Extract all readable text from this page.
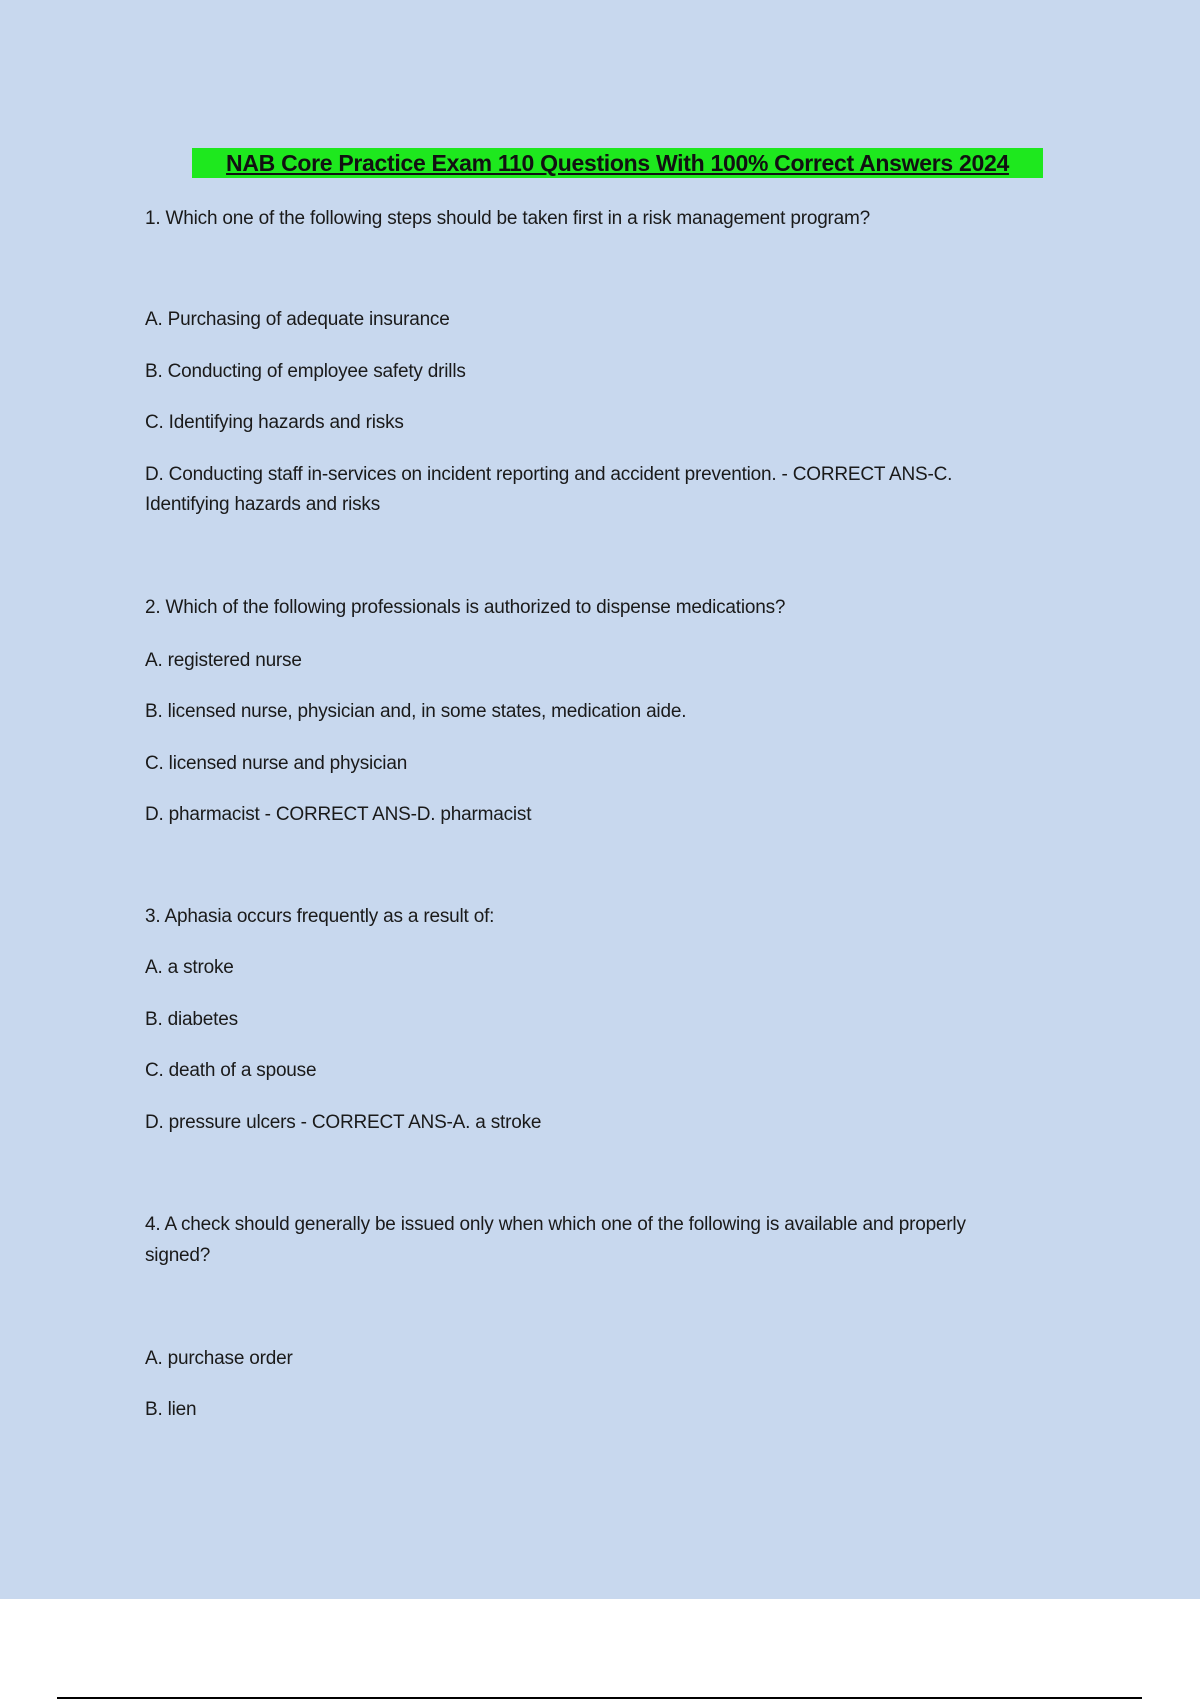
NAB Core Practice Exam 110 Questions With 100% Correct Answers 2024
1. Which one of the following steps should be taken first in a risk management program?
A. Purchasing of adequate insurance
B. Conducting of employee safety drills
C. Identifying hazards and risks
D. Conducting staff in-services on incident reporting and accident prevention. - CORRECT ANS-C.
Identifying hazards and risks
2. Which of the following professionals is authorized to dispense medications?
A. registered nurse
B. licensed nurse, physician and, in some states, medication aide.
C. licensed nurse and physician
D. pharmacist - CORRECT ANS-D. pharmacist
3. Aphasia occurs frequently as a result of:
A. a stroke
B. diabetes
C. death of a spouse
D. pressure ulcers - CORRECT ANS-A. a stroke
4. A check should generally be issued only when which one of the following is available and properly
signed?
A. purchase order
B. lien
